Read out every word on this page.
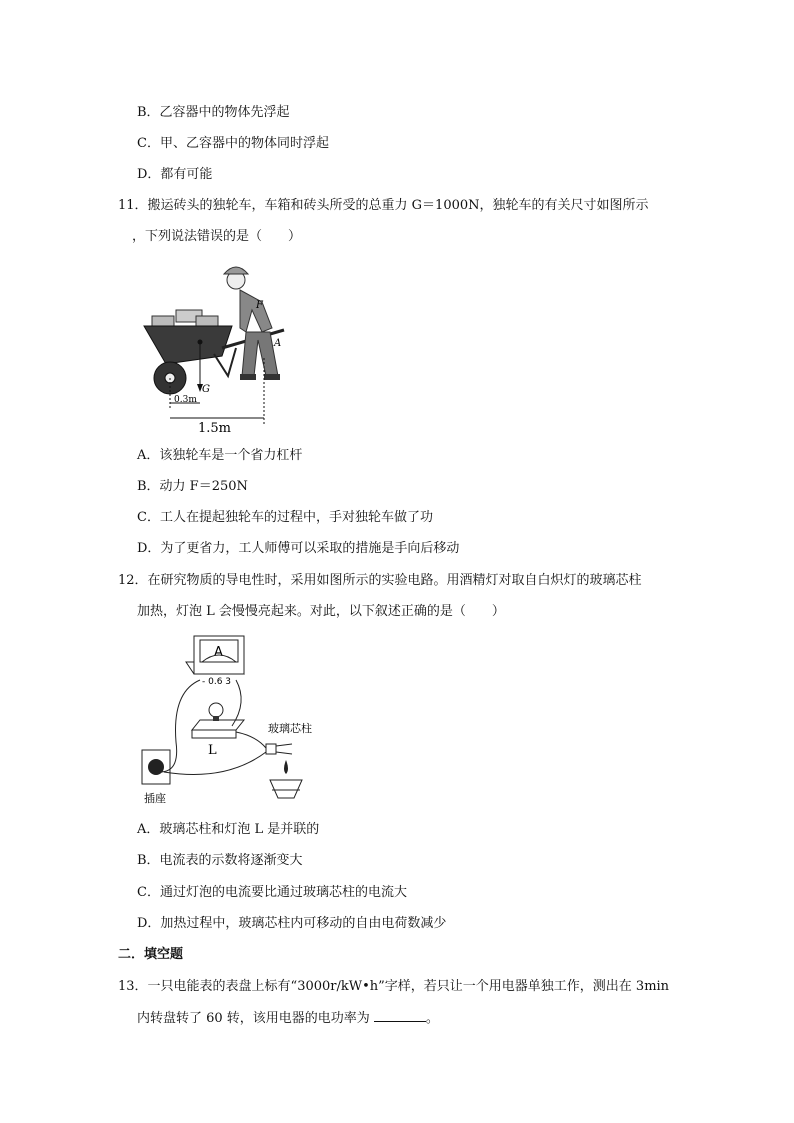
B．乙容器中的物体先浮起
C．甲、乙容器中的物体同时浮起
D．都有可能
11．搬运砖头的独轮车，车箱和砖头所受的总重力 G＝1000N，独轮车的有关尺寸如图所示
，下列说法错误的是（　　）
F
A
G
0.3m
1.5m
A．该独轮车是一个省力杠杆
B．动力 F＝250N
C．工人在提起独轮车的过程中，手对独轮车做了功
D．为了更省力，工人师傅可以采取的措施是手向后移动
12．在研究物质的导电性时，采用如图所示的实验电路。用酒精灯对取自白炽灯的玻璃芯柱
加热，灯泡 L 会慢慢亮起来。对此，以下叙述正确的是（　　）
A
- 0.6 3
L
插座
玻璃芯柱
A．玻璃芯柱和灯泡 L 是并联的
B．电流表的示数将逐渐变大
C．通过灯泡的电流要比通过玻璃芯柱的电流大
D．加热过程中，玻璃芯柱内可移动的自由电荷数减少
二．填空题
13．一只电能表的表盘上标有“3000r/kW•h”字样，若只让一个用电器单独工作，测出在 3min
内转盘转了 60 转，该用电器的电功率为	。
